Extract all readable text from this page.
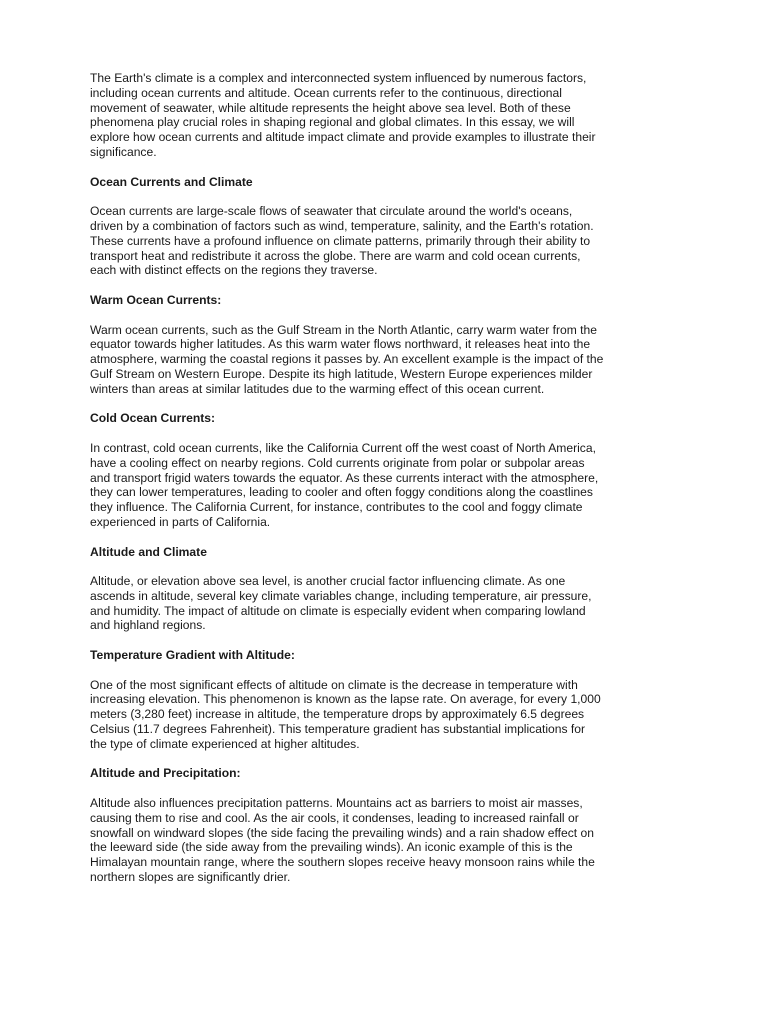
The Earth's climate is a complex and interconnected system influenced by numerous factors,
including ocean currents and altitude. Ocean currents refer to the continuous, directional
movement of seawater, while altitude represents the height above sea level. Both of these
phenomena play crucial roles in shaping regional and global climates. In this essay, we will
explore how ocean currents and altitude impact climate and provide examples to illustrate their
significance.

Ocean Currents and Climate

Ocean currents are large-scale flows of seawater that circulate around the world's oceans,
driven by a combination of factors such as wind, temperature, salinity, and the Earth's rotation.
These currents have a profound influence on climate patterns, primarily through their ability to
transport heat and redistribute it across the globe. There are warm and cold ocean currents,
each with distinct effects on the regions they traverse.

Warm Ocean Currents:

Warm ocean currents, such as the Gulf Stream in the North Atlantic, carry warm water from the
equator towards higher latitudes. As this warm water flows northward, it releases heat into the
atmosphere, warming the coastal regions it passes by. An excellent example is the impact of the
Gulf Stream on Western Europe. Despite its high latitude, Western Europe experiences milder
winters than areas at similar latitudes due to the warming effect of this ocean current.

Cold Ocean Currents:

In contrast, cold ocean currents, like the California Current off the west coast of North America,
have a cooling effect on nearby regions. Cold currents originate from polar or subpolar areas
and transport frigid waters towards the equator. As these currents interact with the atmosphere,
they can lower temperatures, leading to cooler and often foggy conditions along the coastlines
they influence. The California Current, for instance, contributes to the cool and foggy climate
experienced in parts of California.

Altitude and Climate

Altitude, or elevation above sea level, is another crucial factor influencing climate. As one
ascends in altitude, several key climate variables change, including temperature, air pressure,
and humidity. The impact of altitude on climate is especially evident when comparing lowland
and highland regions.

Temperature Gradient with Altitude:

One of the most significant effects of altitude on climate is the decrease in temperature with
increasing elevation. This phenomenon is known as the lapse rate. On average, for every 1,000
meters (3,280 feet) increase in altitude, the temperature drops by approximately 6.5 degrees
Celsius (11.7 degrees Fahrenheit). This temperature gradient has substantial implications for
the type of climate experienced at higher altitudes.

Altitude and Precipitation:

Altitude also influences precipitation patterns. Mountains act as barriers to moist air masses,
causing them to rise and cool. As the air cools, it condenses, leading to increased rainfall or
snowfall on windward slopes (the side facing the prevailing winds) and a rain shadow effect on
the leeward side (the side away from the prevailing winds). An iconic example of this is the
Himalayan mountain range, where the southern slopes receive heavy monsoon rains while the
northern slopes are significantly drier.
